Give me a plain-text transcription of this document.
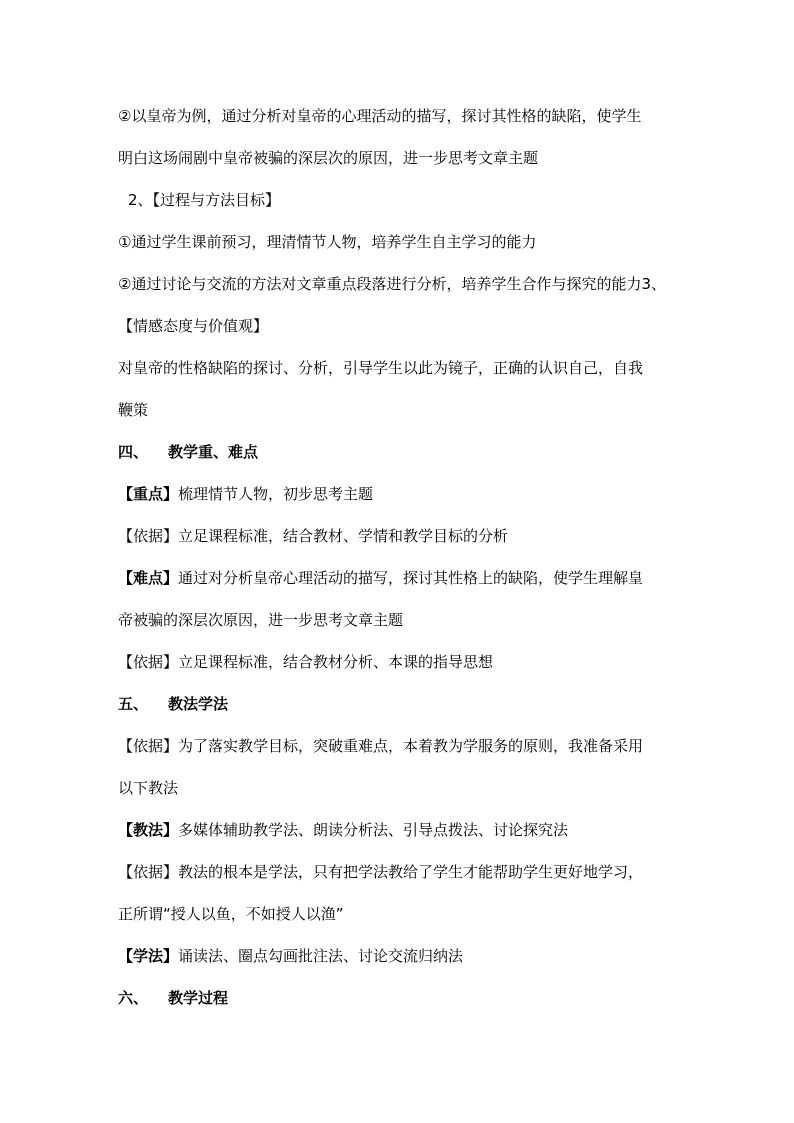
②以皇帝为例，通过分析对皇帝的心理活动的描写，探讨其性格的缺陷，使学生
明白这场闹剧中皇帝被骗的深层次的原因，进一步思考文章主题
2、【过程与方法目标】
①通过学生课前预习，理清情节人物，培养学生自主学习的能力
②通过讨论与交流的方法对文章重点段落进行分析，培养学生合作与探究的能力3、
【情感态度与价值观】
对皇帝的性格缺陷的探讨、分析，引导学生以此为镜子，正确的认识自己，自我
鞭策
四、 教学重、难点
【重点】梳理情节人物，初步思考主题
【依据】立足课程标准，结合教材、学情和教学目标的分析
【难点】通过对分析皇帝心理活动的描写，探讨其性格上的缺陷，使学生理解皇
帝被骗的深层次原因，进一步思考文章主题
【依据】立足课程标准，结合教材分析、本课的指导思想
五、 教法学法
【依据】为了落实教学目标，突破重难点，本着教为学服务的原则，我准备采用
以下教法
【教法】多媒体辅助教学法、朗读分析法、引导点拨法、讨论探究法
【依据】教法的根本是学法，只有把学法教给了学生才能帮助学生更好地学习，
正所谓“授人以鱼，不如授人以渔”
【学法】诵读法、圈点勾画批注法、讨论交流归纳法
六、 教学过程
